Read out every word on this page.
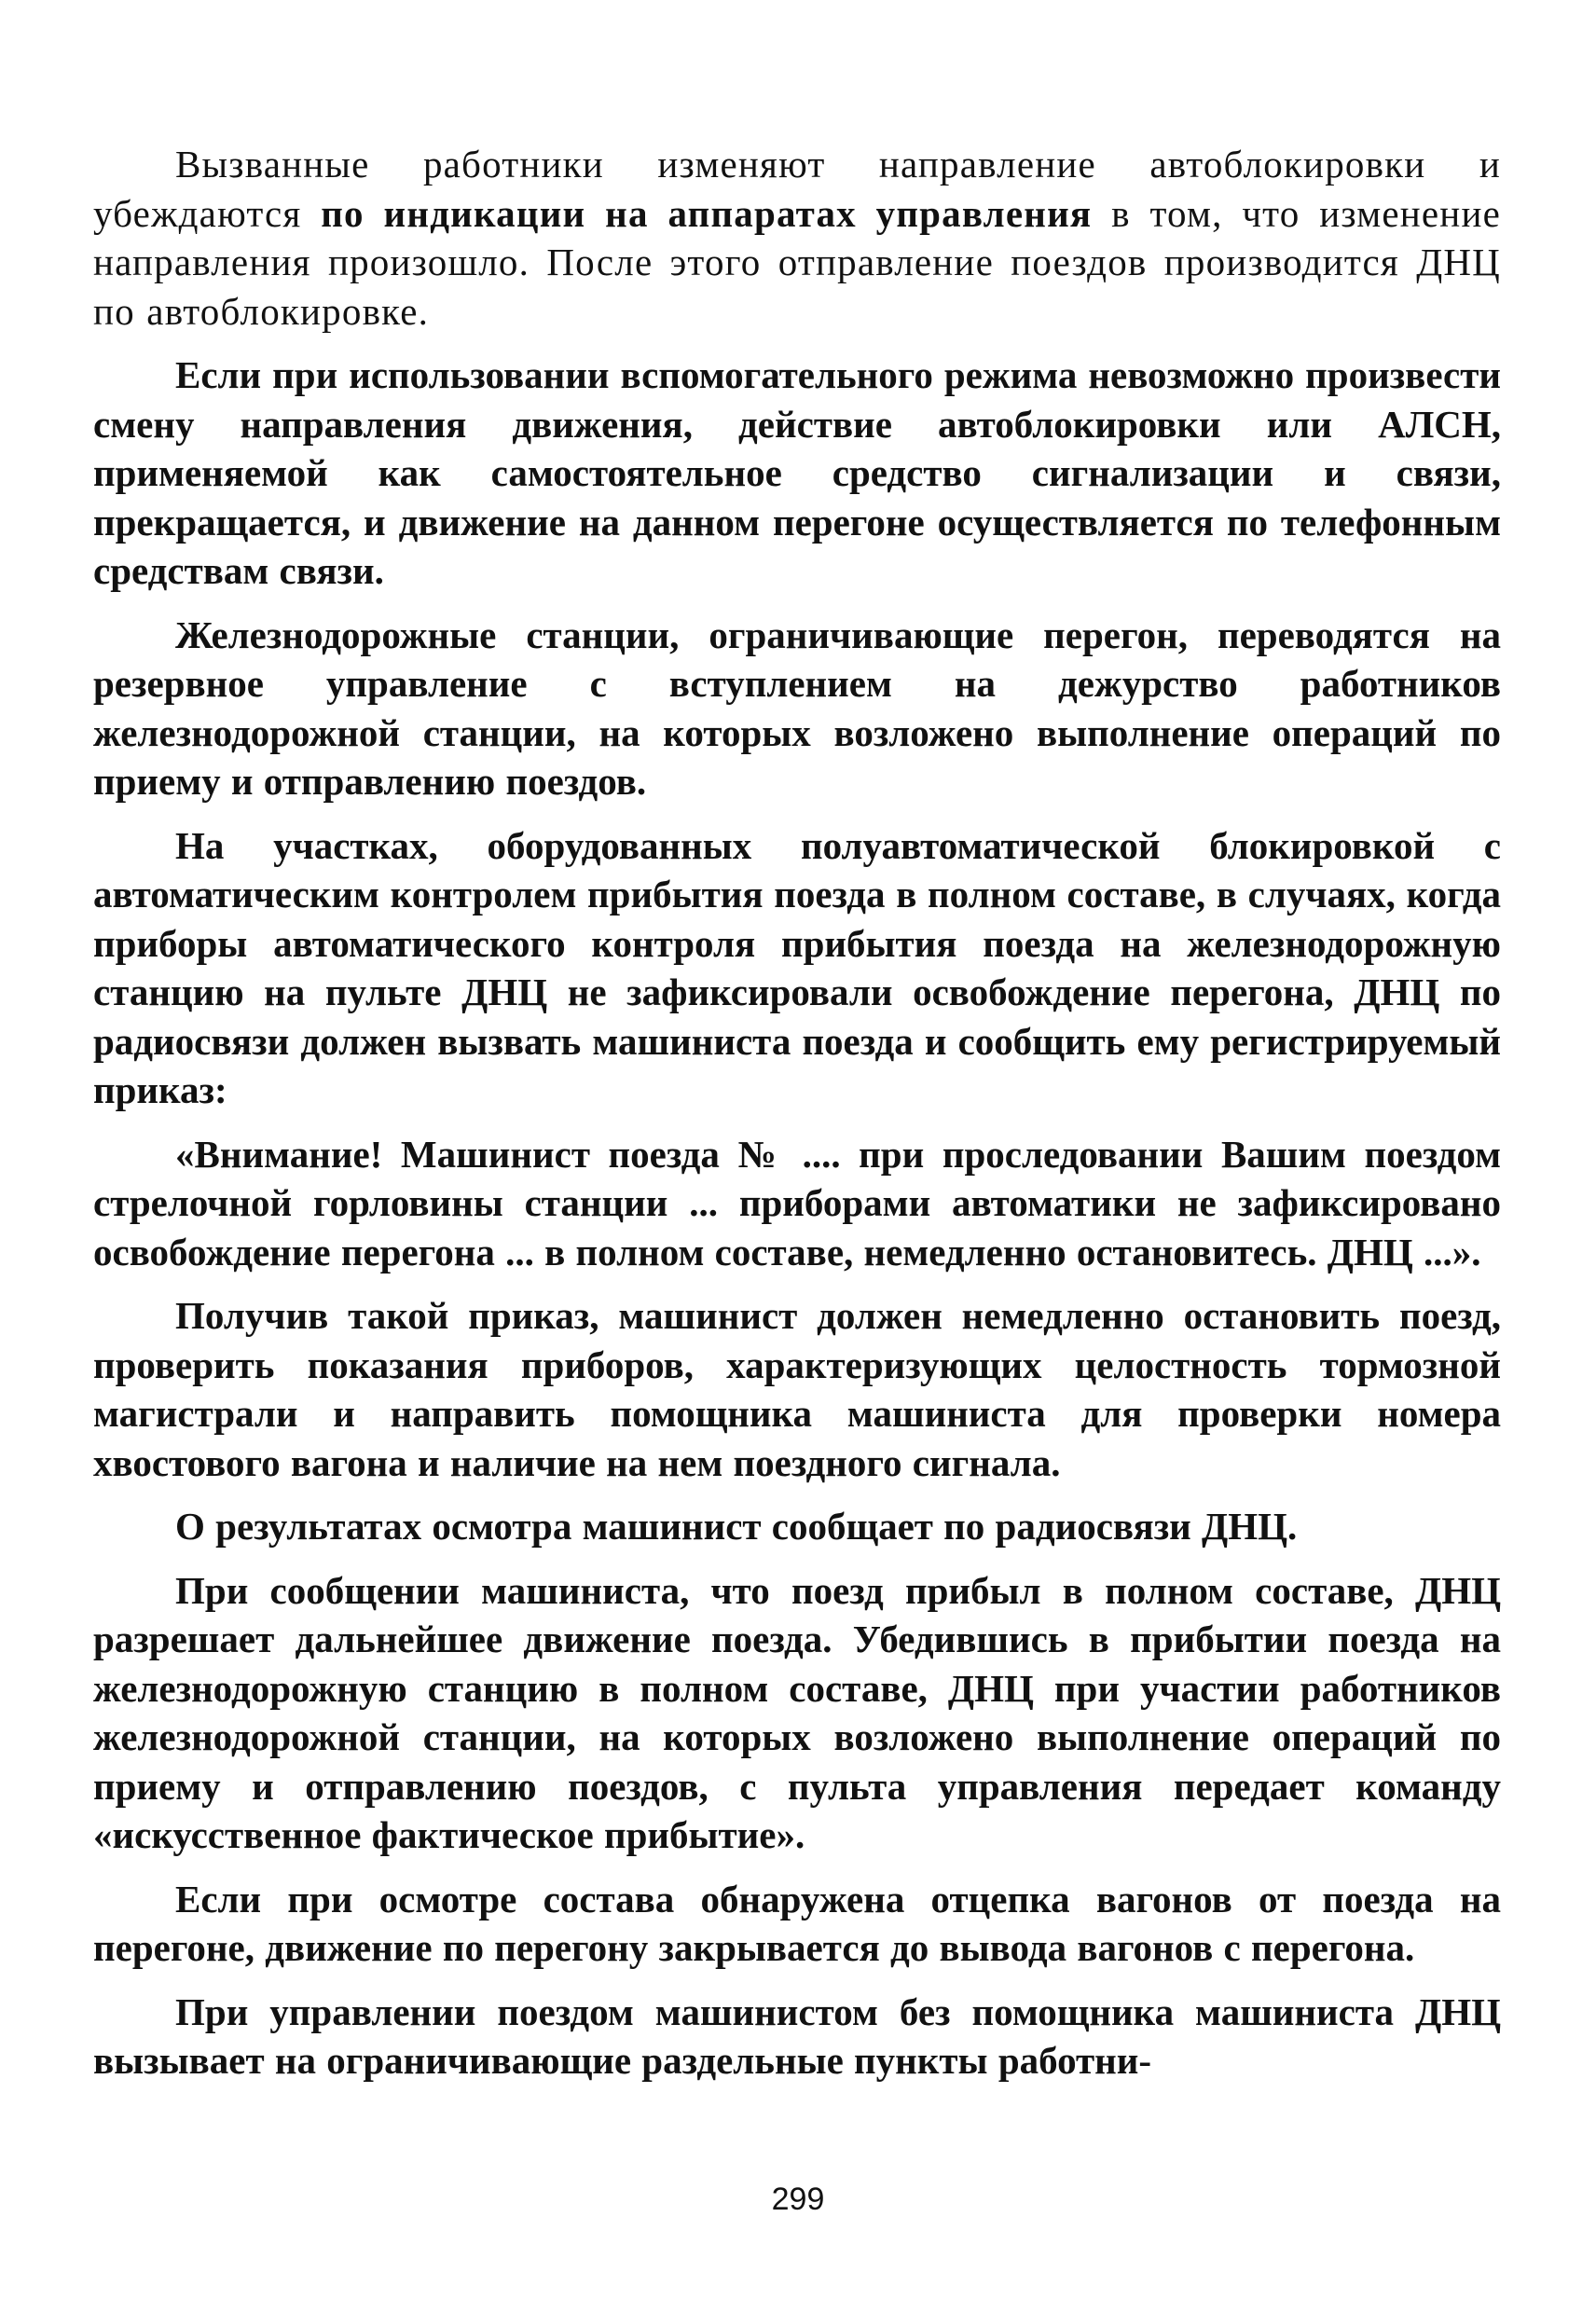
Вызванные работники изменяют направление автоблокировки и убеждаются по индикации на аппаратах управления в том, что изменение направления произошло. После этого отправление поездов производится ДНЦ по автоблокировке.

Если при использовании вспомогательного режима невозможно произвести смену направления движения, действие автоблокировки или АЛСН, применяемой как самостоятельное средство сигнализации и связи, прекращается, и движение на данном перегоне осуществляется по телефонным средствам связи.

Железнодорожные станции, ограничивающие перегон, переводятся на резервное управление с вступлением на дежурство работников железнодорожной станции, на которых возложено выполнение операций по приему и отправлению поездов.

На участках, оборудованных полуавтоматической блокировкой с автоматическим контролем прибытия поезда в полном составе, в случаях, когда приборы автоматического контроля прибытия поезда на железнодорожную станцию на пульте ДНЦ не зафиксировали освобождение перегона, ДНЦ по радиосвязи должен вызвать машиниста поезда и сообщить ему регистрируемый приказ:

«Внимание! Машинист поезда № .... при проследовании Вашим поездом стрелочной горловины станции ... приборами автоматики не зафиксировано освобождение перегона ... в полном составе, немедленно остановитесь. ДНЦ ...».

Получив такой приказ, машинист должен немедленно остановить поезд, проверить показания приборов, характеризующих целостность тормозной магистрали и направить помощника машиниста для проверки номера хвостового вагона и наличие на нем поездного сигнала.

О результатах осмотра машинист сообщает по радиосвязи ДНЦ.

При сообщении машиниста, что поезд прибыл в полном составе, ДНЦ разрешает дальнейшее движение поезда. Убедившись в прибытии поезда на железнодорожную станцию в полном составе, ДНЦ при участии работников железнодорожной станции, на которых возложено выполнение операций по приему и отправлению поездов, с пульта управления передает команду «искусственное фактическое прибытие».

Если при осмотре состава обнаружена отцепка вагонов от поезда на перегоне, движение по перегону закрывается до вывода вагонов с перегона.

При управлении поездом машинистом без помощника машиниста ДНЦ вызывает на ограничивающие раздельные пункты работни-

299
